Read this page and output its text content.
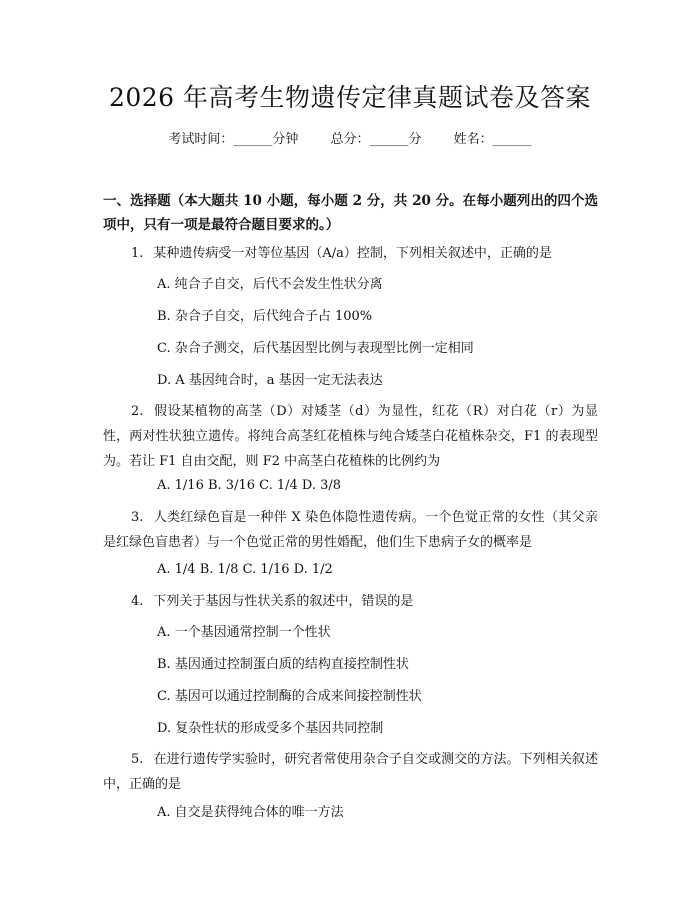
2026 年高考生物遗传定律真题试卷及答案
考试时间：______分钟 总分：______分 姓名：______
一、选择题（本大题共 10 小题，每小题 2 分，共 20 分。在每小题列出的四个选项中，只有一项是最符合题目要求的。）
1. 某种遗传病受一对等位基因（A/a）控制，下列相关叙述中，正确的是
A. 纯合子自交，后代不会发生性状分离
B. 杂合子自交，后代纯合子占 100%
C. 杂合子测交，后代基因型比例与表现型比例一定相同
D. A 基因纯合时，a 基因一定无法表达
2. 假设某植物的高茎（D）对矮茎（d）为显性，红花（R）对白花（r）为显性，两对性状独立遗传。将纯合高茎红花植株与纯合矮茎白花植株杂交，F1 的表现型为。若让 F1 自由交配，则 F2 中高茎白花植株的比例约为
A. 1/16 B. 3/16 C. 1/4 D. 3/8
3. 人类红绿色盲是一种伴 X 染色体隐性遗传病。一个色觉正常的女性（其父亲是红绿色盲患者）与一个色觉正常的男性婚配，他们生下患病子女的概率是
A. 1/4 B. 1/8 C. 1/16 D. 1/2
4. 下列关于基因与性状关系的叙述中，错误的是
A. 一个基因通常控制一个性状
B. 基因通过控制蛋白质的结构直接控制性状
C. 基因可以通过控制酶的合成来间接控制性状
D. 复杂性状的形成受多个基因共同控制
5. 在进行遗传学实验时，研究者常使用杂合子自交或测交的方法。下列相关叙述中，正确的是
A. 自交是获得纯合体的唯一方法
